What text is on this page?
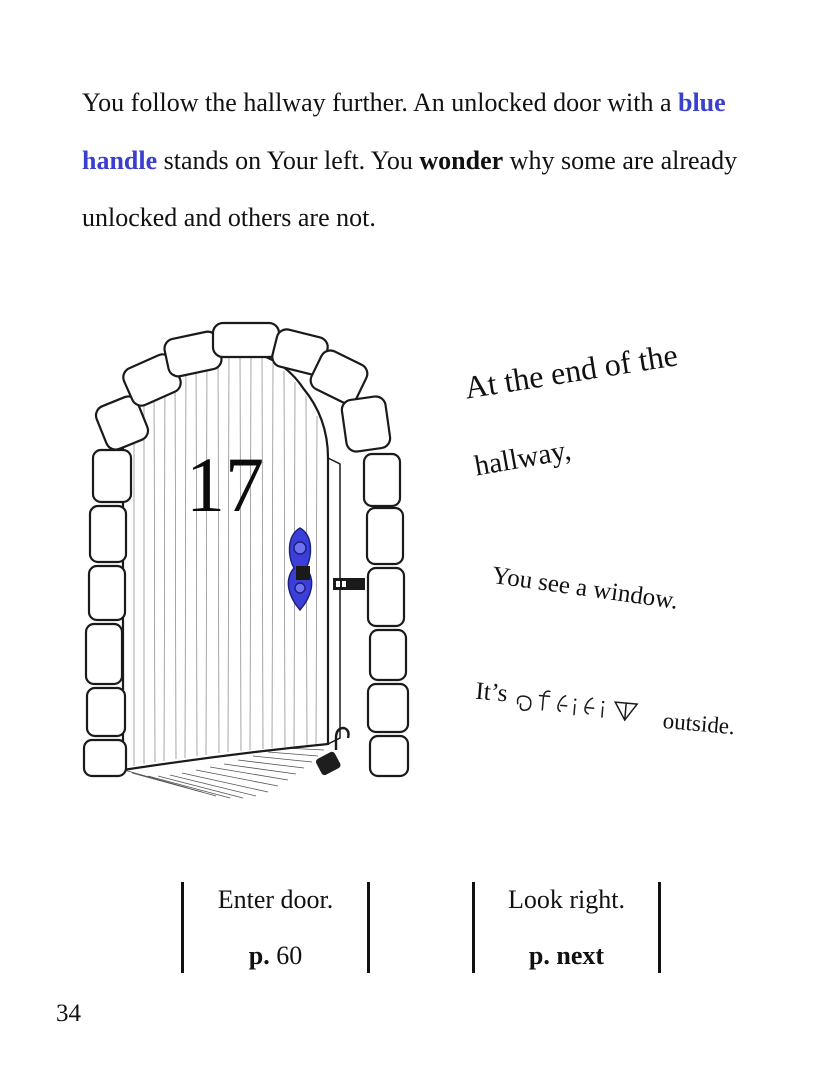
You follow the hallway further. An unlocked door with a blue handle stands on Your left. You wonder why some are already unlocked and others are not.

17
At the end of the
hallway,
You see a window.
It’s
outside.
Enter door.
p. 60
Look right.
p. next
34
